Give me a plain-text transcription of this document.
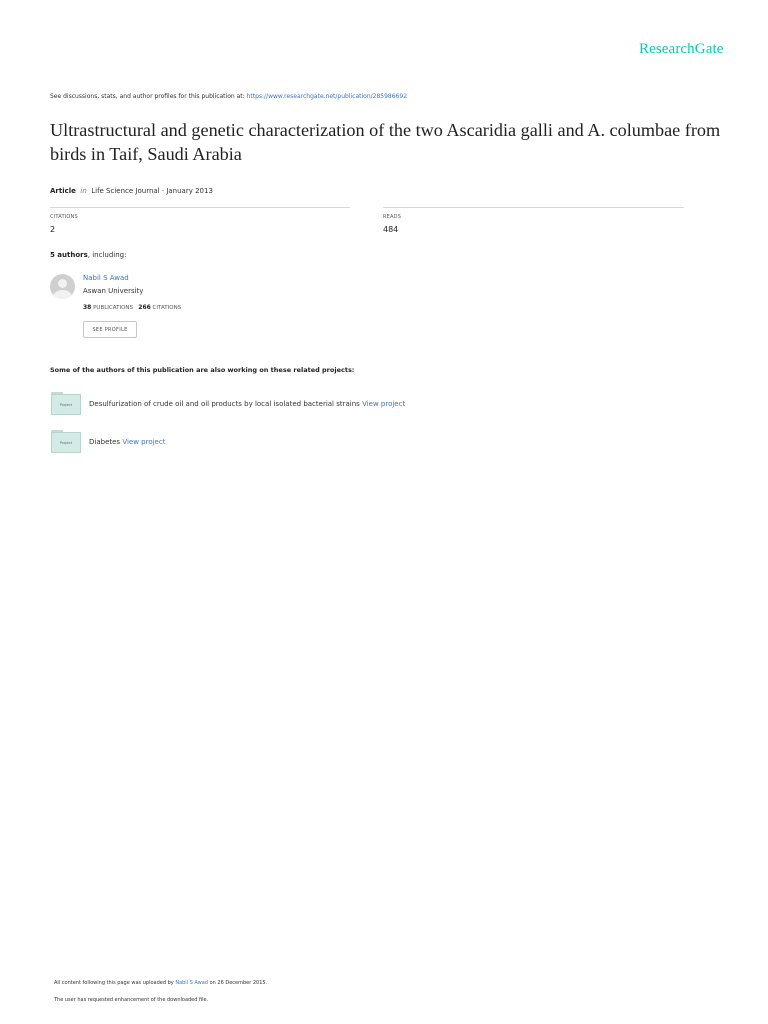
ResearchGate
See discussions, stats, and author profiles for this publication at: https://www.researchgate.net/publication/285986692
Ultrastructural and genetic characterization of the two Ascaridia galli and A. columbae from birds in Taif, Saudi Arabia
Article in Life Science Journal · January 2013
CITATIONS
2
READS
484
5 authors, including:
Nabil S Awad
Aswan University
38 PUBLICATIONS 266 CITATIONS
SEE PROFILE
Some of the authors of this publication are also working on these related projects:
Project Desulfurization of crude oil and oil products by local isolated bacterial strains View project
Project Diabetes View project
All content following this page was uploaded by Nabil S Awad on 26 December 2015.
The user has requested enhancement of the downloaded file.
